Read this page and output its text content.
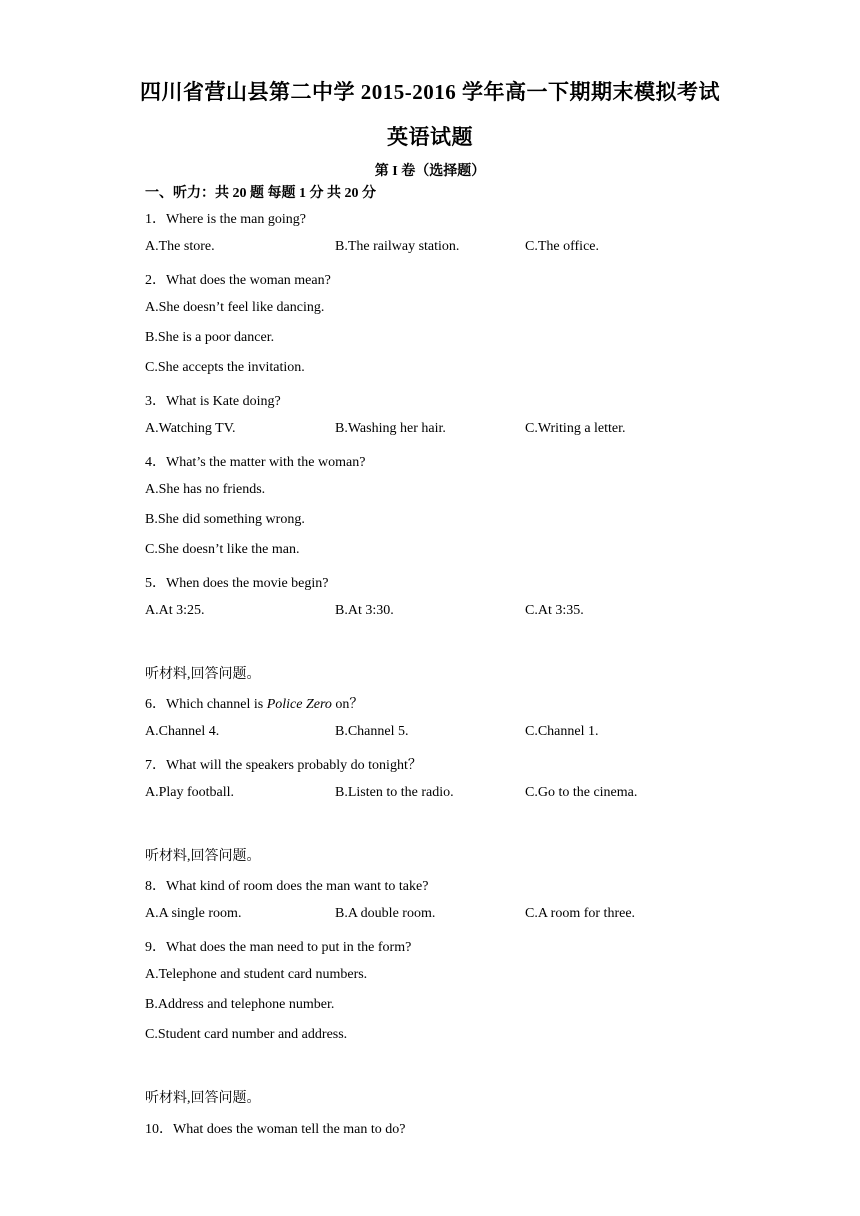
四川省营山县第二中学 2015-2016 学年高一下期期末模拟考试
英语试题
第 I 卷（选择题）
一、听力：共 20 题 每题 1 分 共 20 分
1．Where is the man going?
A.The store.	B.The railway station.	C.The office.
2．What does the woman mean?
A.She doesn’t feel like dancing.
B.She is a poor dancer.
C.She accepts the invitation.
3．What is Kate doing?
A.Watching TV.	B.Washing her hair.	C.Writing a letter.
4．What’s the matter with the woman?
A.She has no friends.
B.She did something wrong.
C.She doesn’t like the man.
5．When does the movie begin?
A.At 3:25.	B.At 3:30.	C.At 3:35.
听材料,回答问题。
6．Which channel is Police Zero on？
A.Channel 4.	B.Channel 5.	C.Channel 1.
7．What will the speakers probably do tonight？
A.Play football.	B.Listen to the radio.	C.Go to the cinema.
听材料,回答问题。
8．What kind of room does the man want to take?
A.A single room.	B.A double room.	C.A room for three.
9．What does the man need to put in the form?
A.Telephone and student card numbers.
B.Address and telephone number.
C.Student card number and address.
听材料,回答问题。
10．What does the woman tell the man to do?
